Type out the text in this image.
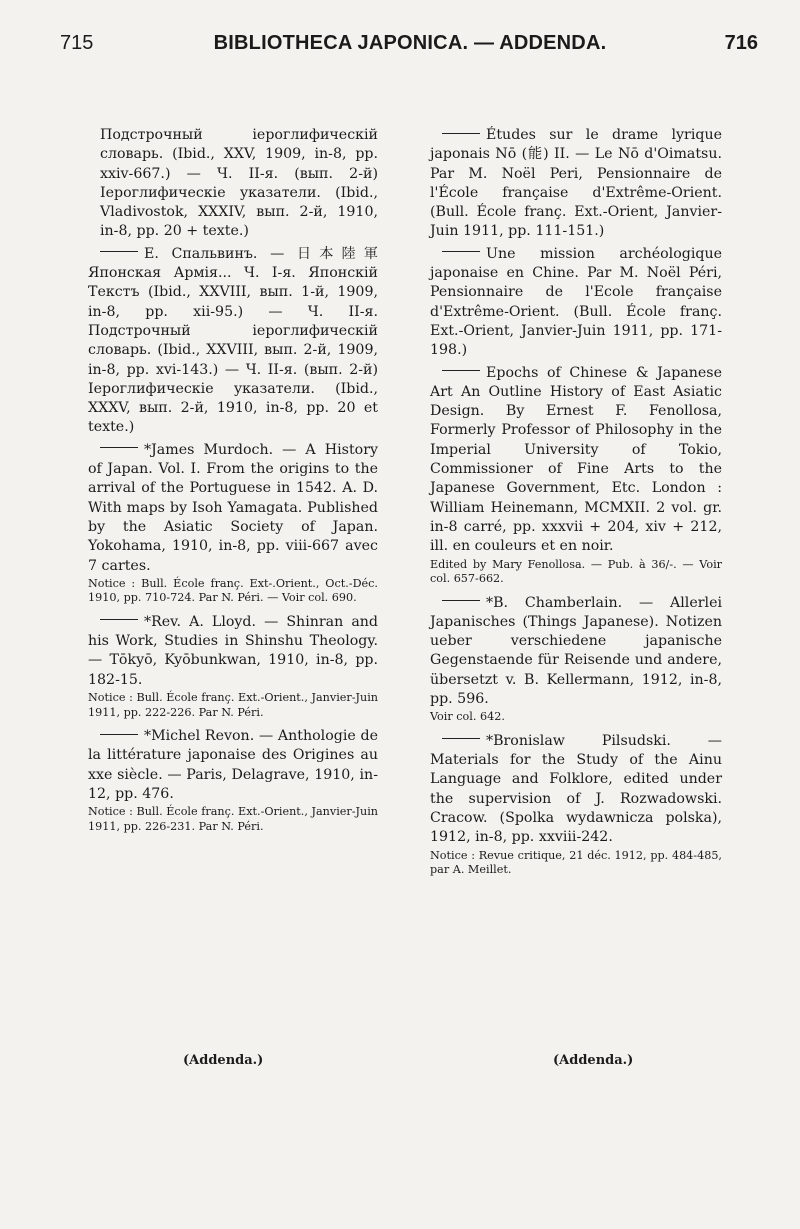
715	BIBLIOTHECA JAPONICA. — ADDENDA.	716
Подстрочный iероглифическій словарь. (Ibid., XXV, 1909, in-8, pp. xxiv-667.) — Ч. II-я. (вып. 2-й) Iероглифическiе указатели. (Ibid., Vladivostok, XXXIV, вып. 2-й, 1910, in-8, pp. 20 + texte.)
E. Спальвинъ. — 日本陸軍 Японская Армія... Ч. I-я. Японскій Текстъ (Ibid., XXVIII, вып. 1-й, 1909, in-8, pp. xii-95.) — Ч. II-я. Подстрочный iероглифическій словарь. (Ibid., XXVIII, вып. 2-й, 1909, in-8, pp. xvi-143.) — Ч. II-я. (вып. 2-й) Iероглифическiе указатели. (Ibid., XXXV, вып. 2-й, 1910, in-8, pp. 20 et texte.)
*James Murdoch. — A History of Japan. Vol. I. From the origins to the arrival of the Portuguese in 1542. A. D. With maps by Isoh Yamagata. Published by the Asiatic Society of Japan. Yokohama, 1910, in-8, pp. viii-667 avec 7 cartes.
Notice : Bull. École franç. Ext-.Orient., Oct.-Déc. 1910, pp. 710-724. Par N. Péri. — Voir col. 690.
*Rev. A. Lloyd. — Shinran and his Work, Studies in Shinshu Theology. — Tōkyō, Kyōbunkwan, 1910, in-8, pp. 182-15.
Notice : Bull. École franç. Ext.-Orient., Janvier-Juin 1911, pp. 222-226. Par N. Péri.
*Michel Revon. — Anthologie de la littérature japonaise des Origines au xxe siècle. — Paris, Delagrave, 1910, in-12, pp. 476.
Notice : Bull. École franç. Ext.-Orient., Janvier-Juin 1911, pp. 226-231. Par N. Péri.
Études sur le drame lyrique japonais Nō (能) II. — Le Nō d'Oimatsu. Par M. Noël Peri, Pensionnaire de l'École française d'Extrême-Orient. (Bull. École franç. Ext.-Orient, Janvier-Juin 1911, pp. 111-151.)
Une mission archéologique japonaise en Chine. Par M. Noël Péri, Pensionnaire de l'Ecole française d'Extrême-Orient. (Bull. École franç. Ext.-Orient, Janvier-Juin 1911, pp. 171-198.)
Epochs of Chinese & Japanese Art An Outline History of East Asiatic Design. By Ernest F. Fenollosa, Formerly Professor of Philosophy in the Imperial University of Tokio, Commissioner of Fine Arts to the Japanese Government, Etc. London : William Heinemann, MCMXII. 2 vol. gr. in-8 carré, pp. xxxvii + 204, xiv + 212, ill. en couleurs et en noir.
Edited by Mary Fenollosa. — Pub. à 36/-. — Voir col. 657-662.
*B. Chamberlain. — Allerlei Japanisches (Things Japanese). Notizen ueber verschiedene japanische Gegenstaende für Reisende und andere, übersetzt v. B. Kellermann, 1912, in-8, pp. 596.
Voir col. 642.
*Bronislaw Pilsudski. — Materials for the Study of the Ainu Language and Folklore, edited under the supervision of J. Rozwadowski. Cracow. (Spolka wydawnicza polska), 1912, in-8, pp. xxviii-242.
Notice : Revue critique, 21 déc. 1912, pp. 484-485, par A. Meillet.
(Addenda.)	(Addenda.)
